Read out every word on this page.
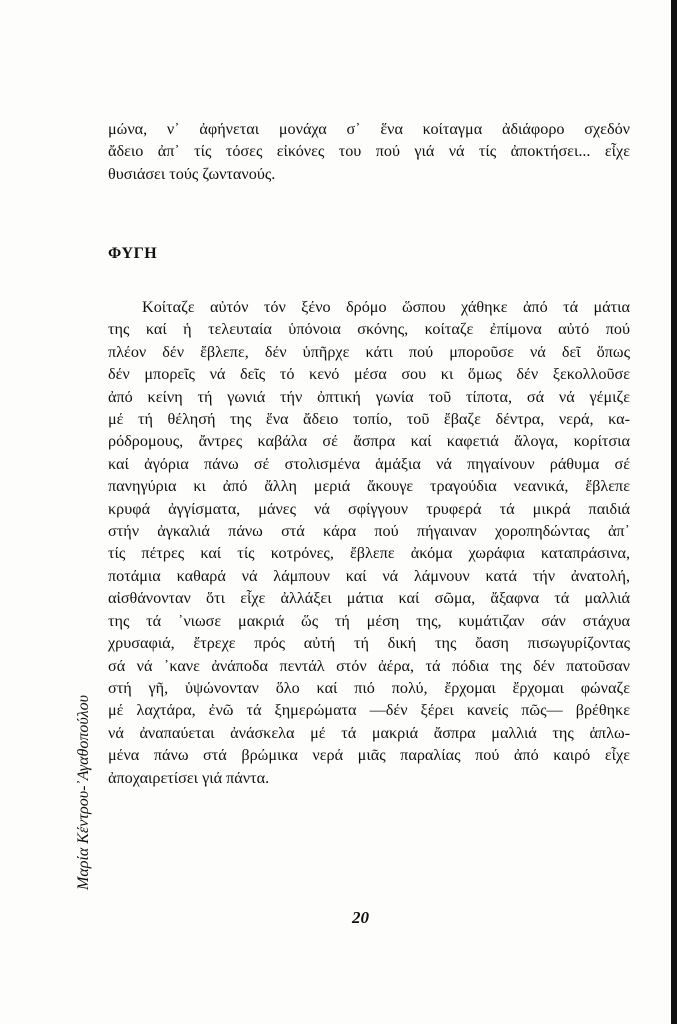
μώνα, ν᾿ ἀφήνεται μονάχα σ᾿ ἕνα κοίταγμα ἀδιάφορο σχεδόν
ἄδειο ἀπ᾿ τίς τόσες εἰκόνες του πού γιά νά τίς ἀποκτήσει... εἶχε
θυσιάσει τούς ζωντανούς.
ΦΥΓΗ
Κοίταζε αὐτόν τόν ξένο δρόμο ὥσπου χάθηκε ἀπό τά μάτια
της καί ἡ τελευταία ὑπόνοια σκόνης, κοίταζε ἐπίμονα αὐτό πού
πλέον δέν ἔβλεπε, δέν ὑπῆρχε κάτι πού μποροῦσε νά δεῖ ὅπως
δέν μπορεῖς νά δεῖς τό κενό μέσα σου κι ὅμως δέν ξεκολλοῦσε
ἀπό κείνη τή γωνιά τήν ὀπτική γωνία τοῦ τίποτα, σά νά γέμιζε
μέ τή θέλησή της ἕνα ἄδειο τοπίο, τοῦ ἔβαζε δέντρα, νερά, κα-
ρόδρομους, ἄντρες καβάλα σέ ἄσπρα καί καφετιά ἄλογα, κορίτσια
καί ἀγόρια πάνω σέ στολισμένα ἁμάξια νά πηγαίνουν ράθυμα σέ
πανηγύρια κι ἀπό ἄλλη μεριά ἄκουγε τραγούδια νεανικά, ἔβλεπε
κρυφά ἀγγίσματα, μάνες νά σφίγγουν τρυφερά τά μικρά παιδιά
στήν ἀγκαλιά πάνω στά κάρα πού πήγαιναν χοροπηδώντας ἀπ᾿
τίς πέτρες καί τίς κοτρόνες, ἔβλεπε ἀκόμα χωράφια καταπράσινα,
ποτάμια καθαρά νά λάμπουν καί νά λάμνουν κατά τήν ἀνατολή,
αἰσθάνονταν ὅτι εἶχε ἀλλάξει μάτια καί σῶμα, ἄξαφνα τά μαλλιά
της τά ᾿νιωσε μακριά ὥς τή μέση της, κυμάτιζαν σάν στάχυα
χρυσαφιά, ἔτρεχε πρός αὐτή τή δική της ὄαση πισωγυρίζοντας
σά νά ᾿κανε ἀνάποδα πεντάλ στόν ἀέρα, τά πόδια της δέν πατοῦσαν
στή γῆ, ὑψώνονταν ὅλο καί πιό πολύ, ἔρχομαι ἔρχομαι φώναζε
μέ λαχτάρα, ἐνῶ τά ξημερώματα —δέν ξέρει κανείς πῶς— βρέθηκε
νά ἀναπαύεται ἀνάσκελα μέ τά μακριά ἄσπρα μαλλιά της ἁπλω-
μένα πάνω στά βρώμικα νερά μιᾶς παραλίας πού ἀπό καιρό εἶχε
ἀποχαιρετίσει γιά πάντα.
Μαρία Κέντρου-᾿Αγαθοπούλου
20
